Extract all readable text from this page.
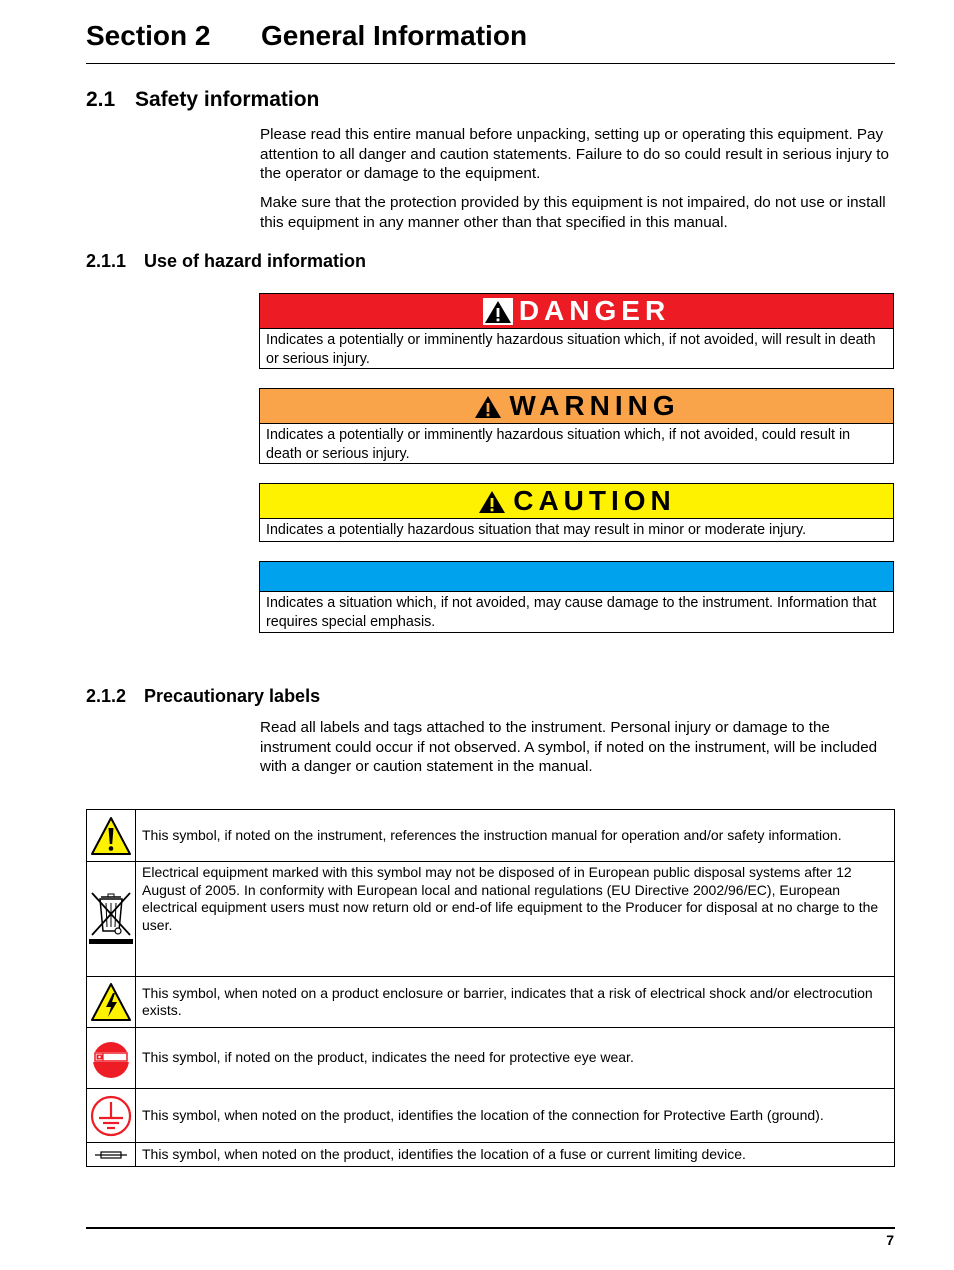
Section 2 General Information
2.1 Safety information

Please read this entire manual before unpacking, setting up or operating this equipment. Pay attention to all danger and caution statements. Failure to do so could result in serious injury to the operator or damage to the equipment.

Make sure that the protection provided by this equipment is not impaired, do not use or install this equipment in any manner other than that specified in this manual.

2.1.1 Use of hazard information
DANGER
Indicates a potentially or imminently hazardous situation which, if not avoided, will result in death or serious injury.
WARNING
Indicates a potentially or imminently hazardous situation which, if not avoided, could result in death or serious injury.
CAUTION
Indicates a potentially hazardous situation that may result in minor or moderate injury.
Indicates a situation which, if not avoided, may cause damage to the instrument. Information that requires special emphasis.
2.1.2 Precautionary labels

Read all labels and tags attached to the instrument. Personal injury or damage to the instrument could occur if not observed. A symbol, if noted on the instrument, will be included with a danger or caution statement in the manual.

	This symbol, if noted on the instrument, references the instruction manual for operation and/or safety information.

	Electrical equipment marked with this symbol may not be disposed of in European public disposal systems after 12 August of 2005. In conformity with European local and national regulations (EU Directive 2002/96/EC), European electrical equipment users must now return old or end-of life equipment to the Producer for disposal at no charge to the user.

	This symbol, when noted on a product enclosure or barrier, indicates that a risk of electrical shock and/or electrocution exists.

	This symbol, if noted on the product, indicates the need for protective eye wear.

	This symbol, when noted on the product, identifies the location of the connection for Protective Earth (ground).

	This symbol, when noted on the product, identifies the location of a fuse or current limiting device.
7
